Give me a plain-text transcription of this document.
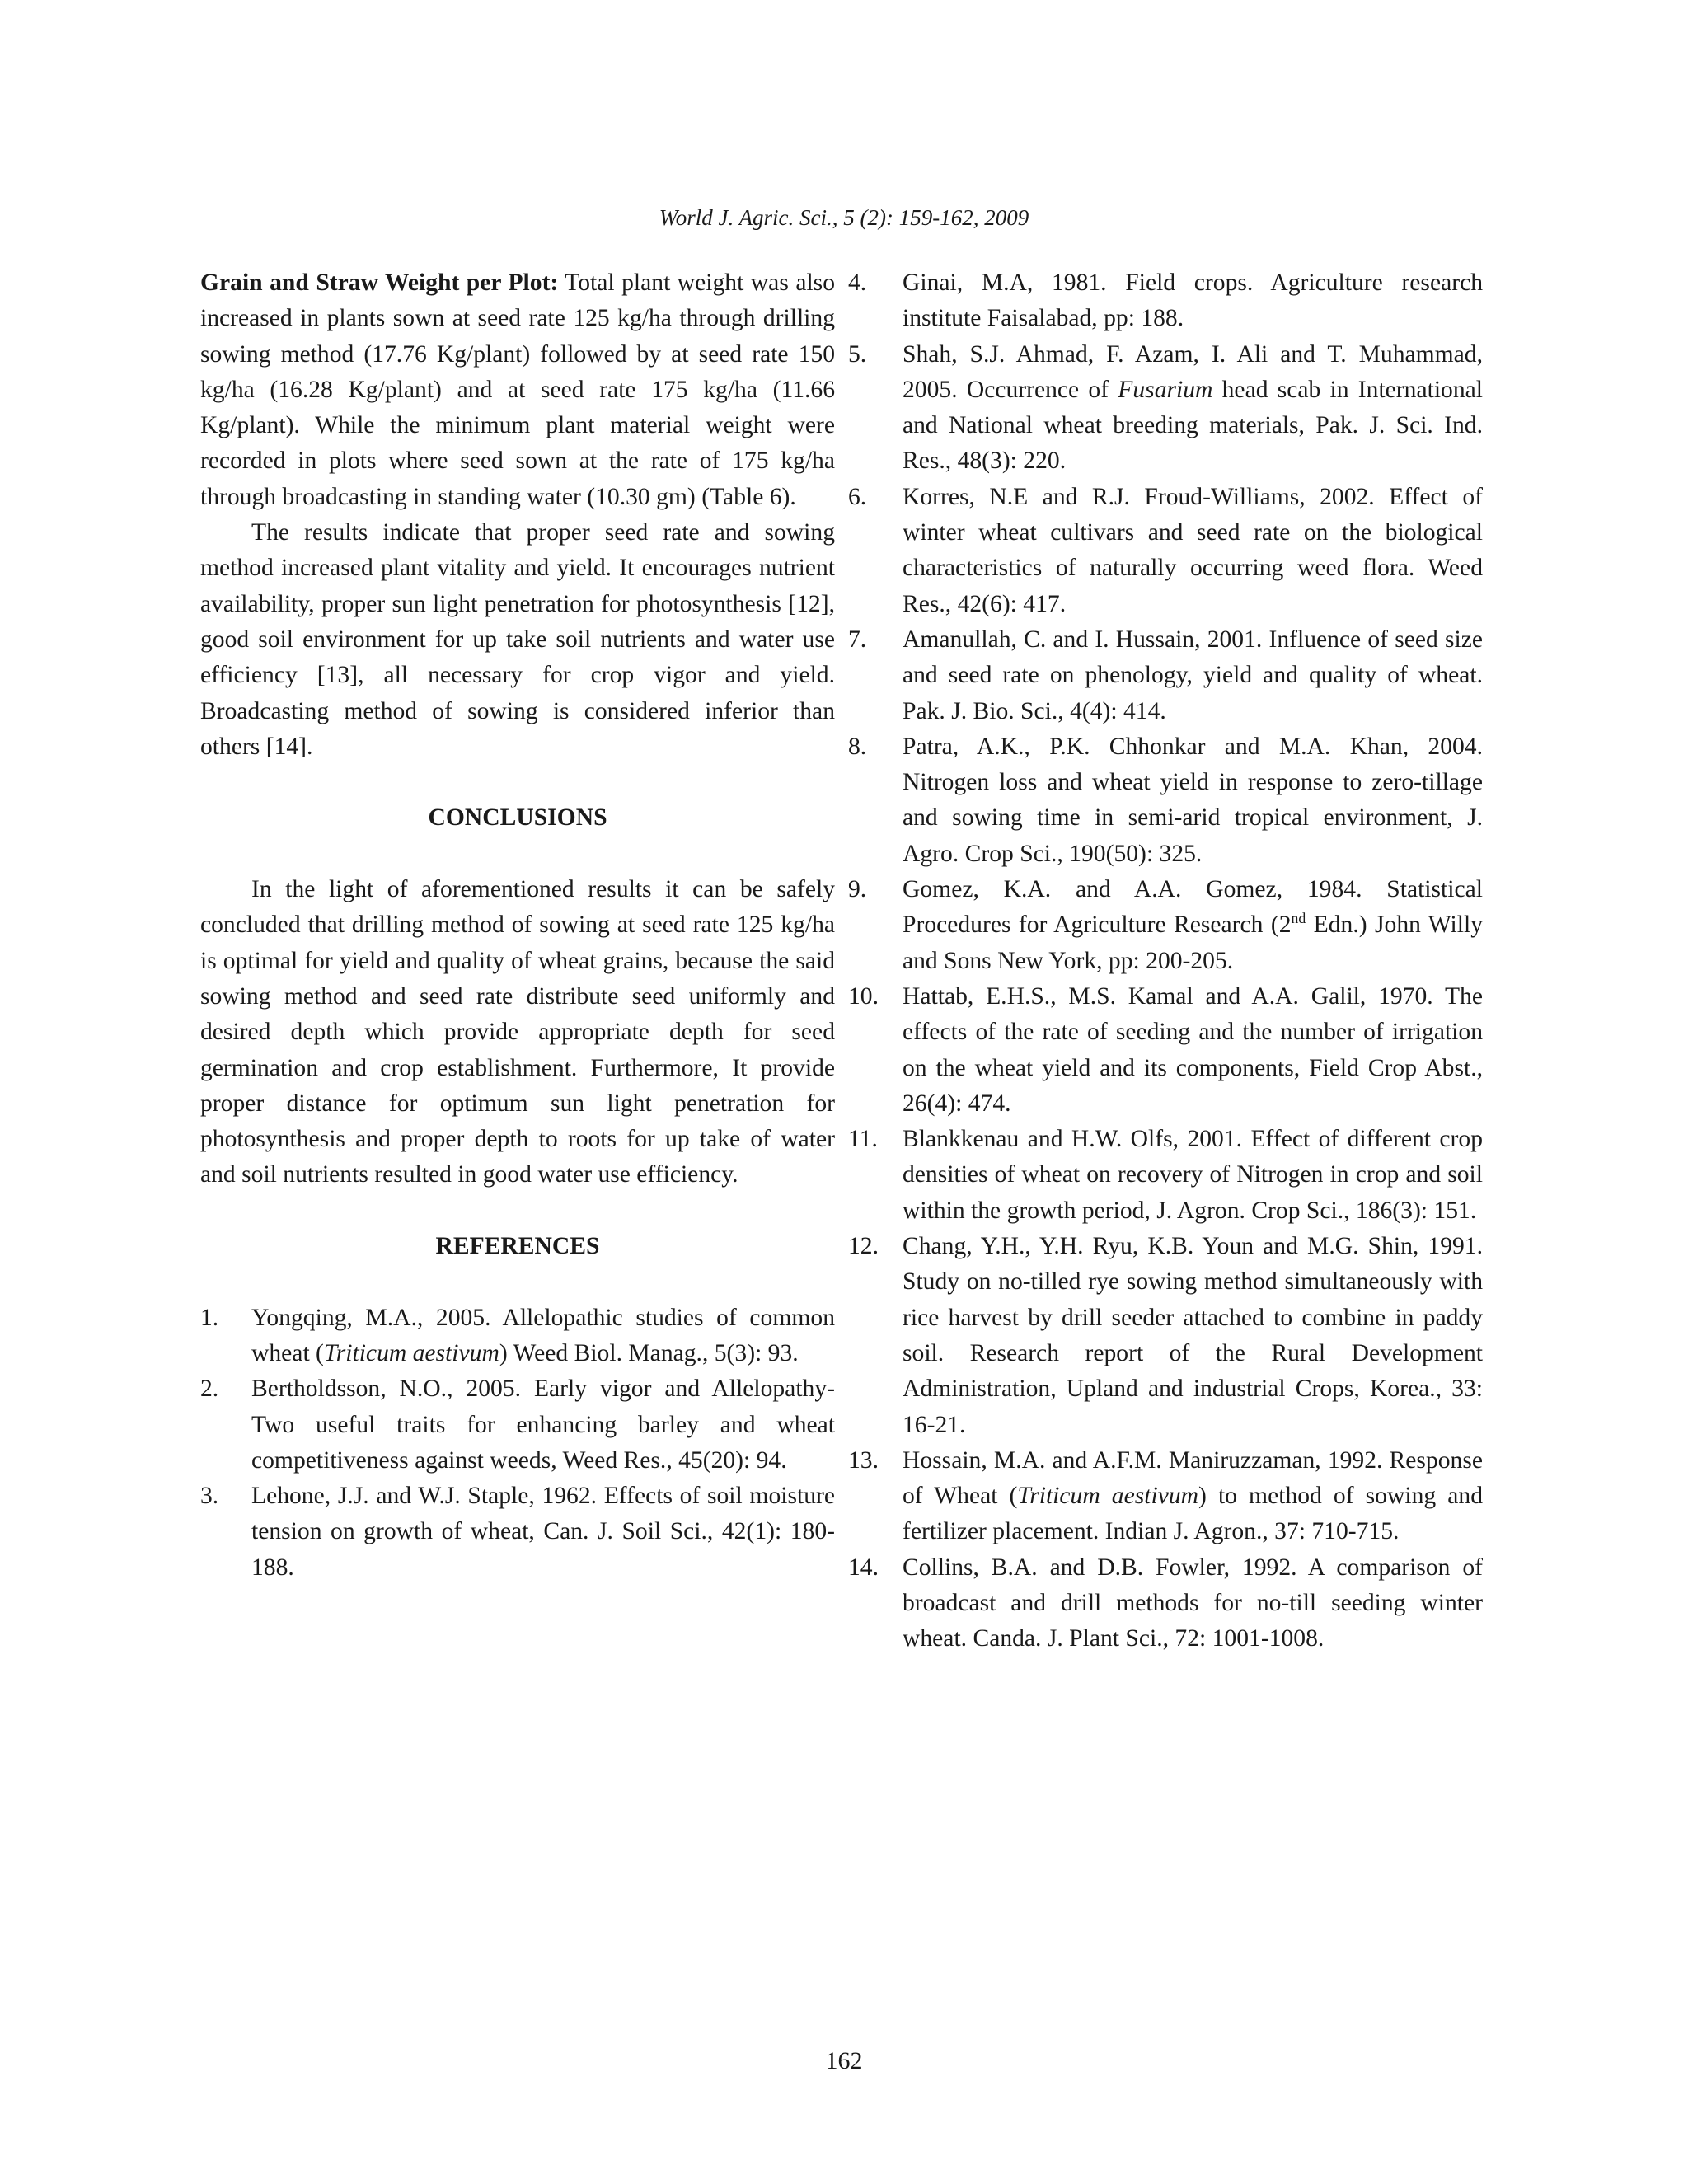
World J. Agric. Sci., 5 (2): 159-162, 2009

Grain and Straw Weight per Plot: Total plant weight was also increased in plants sown at seed rate 125 kg/ha through drilling sowing method (17.76 Kg/plant) followed by at seed rate 150 kg/ha (16.28 Kg/plant) and at seed rate 175 kg/ha (11.66 Kg/plant). While the minimum plant material weight were recorded in plots where seed sown at the rate of 175 kg/ha through broadcasting in standing water (10.30 gm) (Table 6).

The results indicate that proper seed rate and sowing method increased plant vitality and yield. It encourages nutrient availability, proper sun light penetration for photosynthesis [12], good soil environment for up take soil nutrients and water use efficiency [13], all necessary for crop vigor and yield. Broadcasting method of sowing is considered inferior than others [14].

CONCLUSIONS

In the light of aforementioned results it can be safely concluded that drilling method of sowing at seed rate 125 kg/ha is optimal for yield and quality of wheat grains, because the said sowing method and seed rate distribute seed uniformly and desired depth which provide appropriate depth for seed germination and crop establishment. Furthermore, It provide proper distance for optimum sun light penetration for photosynthesis and proper depth to roots for up take of water and soil nutrients resulted in good water use efficiency.

REFERENCES
1.	Yongqing, M.A., 2005. Allelopathic studies of common wheat (Triticum aestivum) Weed Biol. Manag., 5(3): 93.
2.	Bertholdsson, N.O., 2005. Early vigor and Allelopathy-Two useful traits for enhancing barley and wheat competitiveness against weeds, Weed Res., 45(20): 94.
3.	Lehone, J.J. and W.J. Staple, 1962. Effects of soil moisture tension on growth of wheat, Can. J. Soil Sci., 42(1): 180-188.
4.	Ginai, M.A, 1981. Field crops. Agriculture research institute Faisalabad, pp: 188.
5.	Shah, S.J. Ahmad, F. Azam, I. Ali and T. Muhammad, 2005. Occurrence of Fusarium head scab in International and National wheat breeding materials, Pak. J. Sci. Ind. Res., 48(3): 220.
6.	Korres, N.E and R.J. Froud-Williams, 2002. Effect of winter wheat cultivars and seed rate on the biological characteristics of naturally occurring weed flora. Weed Res., 42(6): 417.
7.	Amanullah, C. and I. Hussain, 2001. Influence of seed size and seed rate on phenology, yield and quality of wheat. Pak. J. Bio. Sci., 4(4): 414.
8.	Patra, A.K., P.K. Chhonkar and M.A. Khan, 2004. Nitrogen loss and wheat yield in response to zero-tillage and sowing time in semi-arid tropical environment, J. Agro. Crop Sci., 190(50): 325.
9.	Gomez, K.A. and A.A. Gomez, 1984. Statistical Procedures for Agriculture Research (2nd Edn.) John Willy and Sons New York, pp: 200-205.
10. Hattab, E.H.S., M.S. Kamal and A.A. Galil, 1970. The effects of the rate of seeding and the number of irrigation on the wheat yield and its components, Field Crop Abst., 26(4): 474.
11.	Blankkenau and H.W. Olfs, 2001. Effect of different crop densities of wheat on recovery of Nitrogen in crop and soil within the growth period, J. Agron. Crop Sci., 186(3): 151.
12. Chang, Y.H., Y.H. Ryu, K.B. Youn and M.G. Shin, 1991. Study on no-tilled rye sowing method simultaneously with rice harvest by drill seeder attached to combine in paddy soil. Research report of the Rural Development Administration, Upland and industrial Crops, Korea., 33: 16-21.
13. Hossain, M.A. and A.F.M. Maniruzzaman, 1992. Response of Wheat (Triticum aestivum) to method of sowing and fertilizer placement. Indian J. Agron., 37: 710-715.
14. Collins, B.A. and D.B. Fowler, 1992. A comparison of broadcast and drill methods for no-till seeding winter wheat. Canda. J. Plant Sci., 72: 1001-1008.
162
